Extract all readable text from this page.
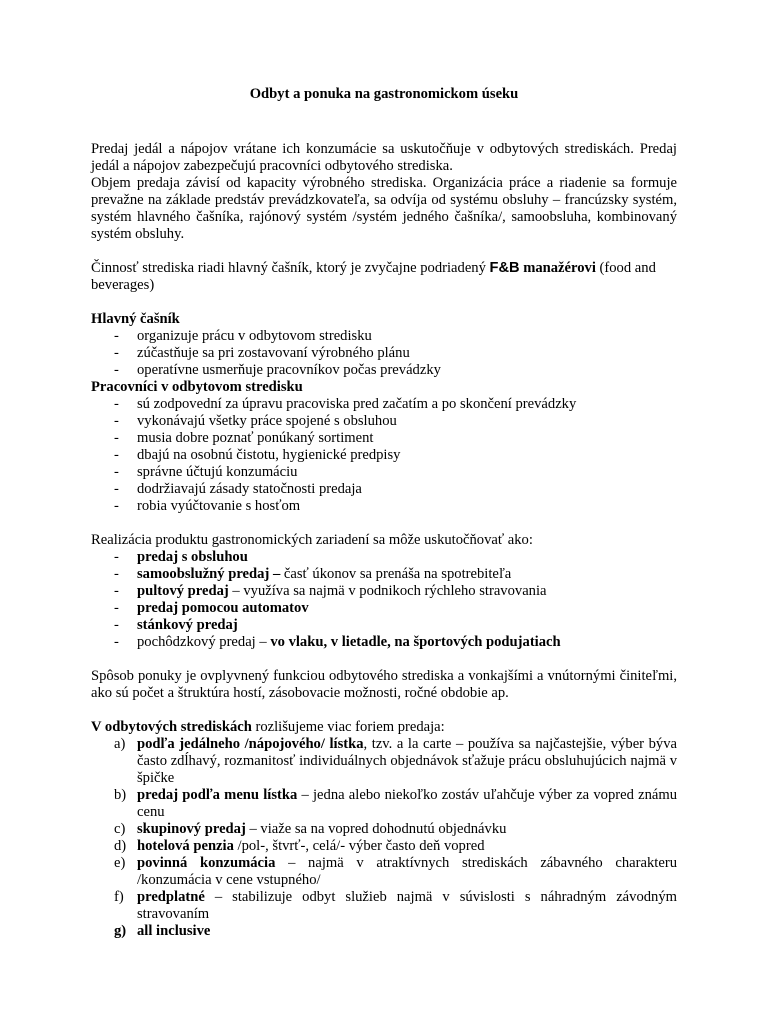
Odbyt a ponuka na gastronomickom úseku

Predaj jedál a nápojov vrátane ich konzumácie sa uskutočňuje v odbytových strediskách. Predaj jedál a nápojov zabezpečujú pracovníci odbytového strediska.

Objem predaja závisí od kapacity výrobného strediska. Organizácia práce a riadenie sa formuje prevažne na základe predstáv prevádzkovateľa, sa odvíja od systému obsluhy – francúzsky systém, systém hlavného čašníka, rajónový systém /systém jedného čašníka/, samoobsluha, kombinovaný systém obsluhy.

Činnosť strediska riadi hlavný čašník, ktorý je zvyčajne podriadený F&B manažérovi (food and beverages)

Hlavný čašník
- organizuje prácu v odbytovom stredisku
- zúčastňuje sa pri zostavovaní výrobného plánu
- operatívne usmerňuje pracovníkov počas prevádzky
Pracovníci v odbytovom stredisku
- sú zodpovední za úpravu pracoviska pred začatím a po skončení prevádzky
- vykonávajú všetky práce spojené s obsluhou
- musia dobre poznať ponúkaný sortiment
- dbajú na osobnú čistotu, hygienické predpisy
- správne účtujú konzumáciu
- dodržiavajú zásady statočnosti predaja
- robia vyúčtovanie s hosťom

Realizácia produktu gastronomických zariadení sa môže uskutočňovať ako:

- predaj s obsluhou
- samoobslužný predaj – časť úkonov sa prenáša na spotrebiteľa
- pultový predaj – využíva sa najmä v podnikoch rýchleho stravovania
- predaj pomocou automatov
- stánkový predaj
- pochôdzkový predaj – vo vlaku, v lietadle, na športových podujatiach

Spôsob ponuky je ovplyvnený funkciou odbytového strediska a vonkajšími a vnútornými činiteľmi, ako sú počet a štruktúra hostí, zásobovacie možnosti, ročné obdobie ap.

V odbytových strediskách rozlišujeme viac foriem predaja:

a) podľa jedálneho /nápojového/ lístka, tzv. a la carte – používa sa najčastejšie, výber býva často zdĺhavý, rozmanitosť individuálnych objednávok sťažuje prácu obsluhujúcich najmä v špičke
b) predaj podľa menu lístka – jedna alebo niekoľko zostáv uľahčuje výber za vopred známu cenu
c) skupinový predaj – viaže sa na vopred dohodnutú objednávku
d) hotelová penzia /pol-, štvrť-, celá/- výber často deň vopred
e) povinná konzumácia – najmä v atraktívnych strediskách zábavného charakteru /konzumácia v cene vstupného/
f) predplatné – stabilizuje odbyt služieb najmä v súvislosti s náhradným závodným stravovaním
g) all inclusive
